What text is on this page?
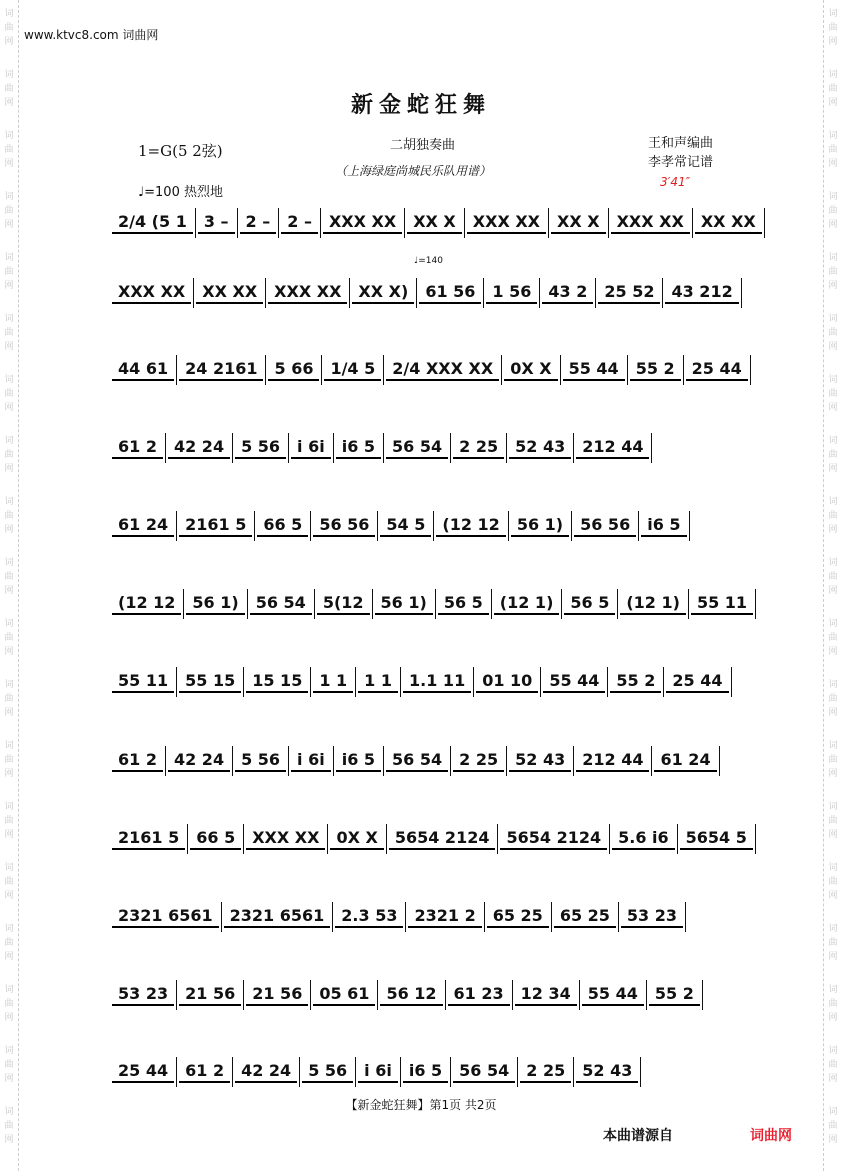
词
曲
网
词
曲
网
词
曲
网
词
曲
网
词
曲
网
词
曲
网
词
曲
网
词
曲
网
词
曲
网
词
曲
网
词
曲
网
词
曲
网
词
曲
网
词
曲
网
词
曲
网
词
曲
网
词
曲
网
词
曲
网
词
曲
网
词
曲
网
词
曲
网
词
曲
网
词
曲
网
词
曲
网
词
曲
网
词
曲
网
词
曲
网
词
曲
网
词
曲
网
词
曲
网
词
曲
网
词
曲
网
词
曲
网
词
曲
网
词
曲
网
词
曲
网
词
曲
网
词
曲
网
www.ktvc8.com 词曲网
新金蛇狂舞
1=G(5 2弦)	二胡独奏曲
（上海绿庭尚城民乐队用谱）
王和声编曲
李孝常记谱
3′41″
♩=100 热烈地
♩=140
2/4 (5 1	3 –	2 –	2 –	XXX XX	XX X	XXX XX	XX X	XXX XX	XX XX
XXX XX	XX XX	XXX XX	XX X)	61 56	1 56	43 2	25 52	43 212
44 61	24 2161	5 66	1/4 5	2/4 XXX XX	0X X	55 44	55 2	25 44
61 2	42 24	5 56	i 6i	i6 5	56 54	2 25	52 43	212 44
61 24	2161 5	66 5	56 56	54 5	(12 12	56 1)	56 56	i6 5
(12 12	56 1)	56 54	5(12	56 1)	56 5	(12 1)	56 5	(12 1)	55 11
55 11	55 15	15 15	1 1	1 1	1.1 11	01 10	55 44	55 2	25 44
61 2	42 24	5 56	i 6i	i6 5	56 54	2 25	52 43	212 44	61 24
2161 5	66 5	XXX XX	0X X	5654 2124	5654 2124	5.6 i6	5654 5
2321 6561	2321 6561	2.3 53	2321 2	65 25	65 25	53 23
53 23	21 56	21 56	05 61	56 12	61 23	12 34	55 44	55 2
25 44	61 2	42 24	5 56	i 6i	i6 5	56 54	2 25	52 43
【新金蛇狂舞】第1页 共2页
本曲谱源自	词曲网
